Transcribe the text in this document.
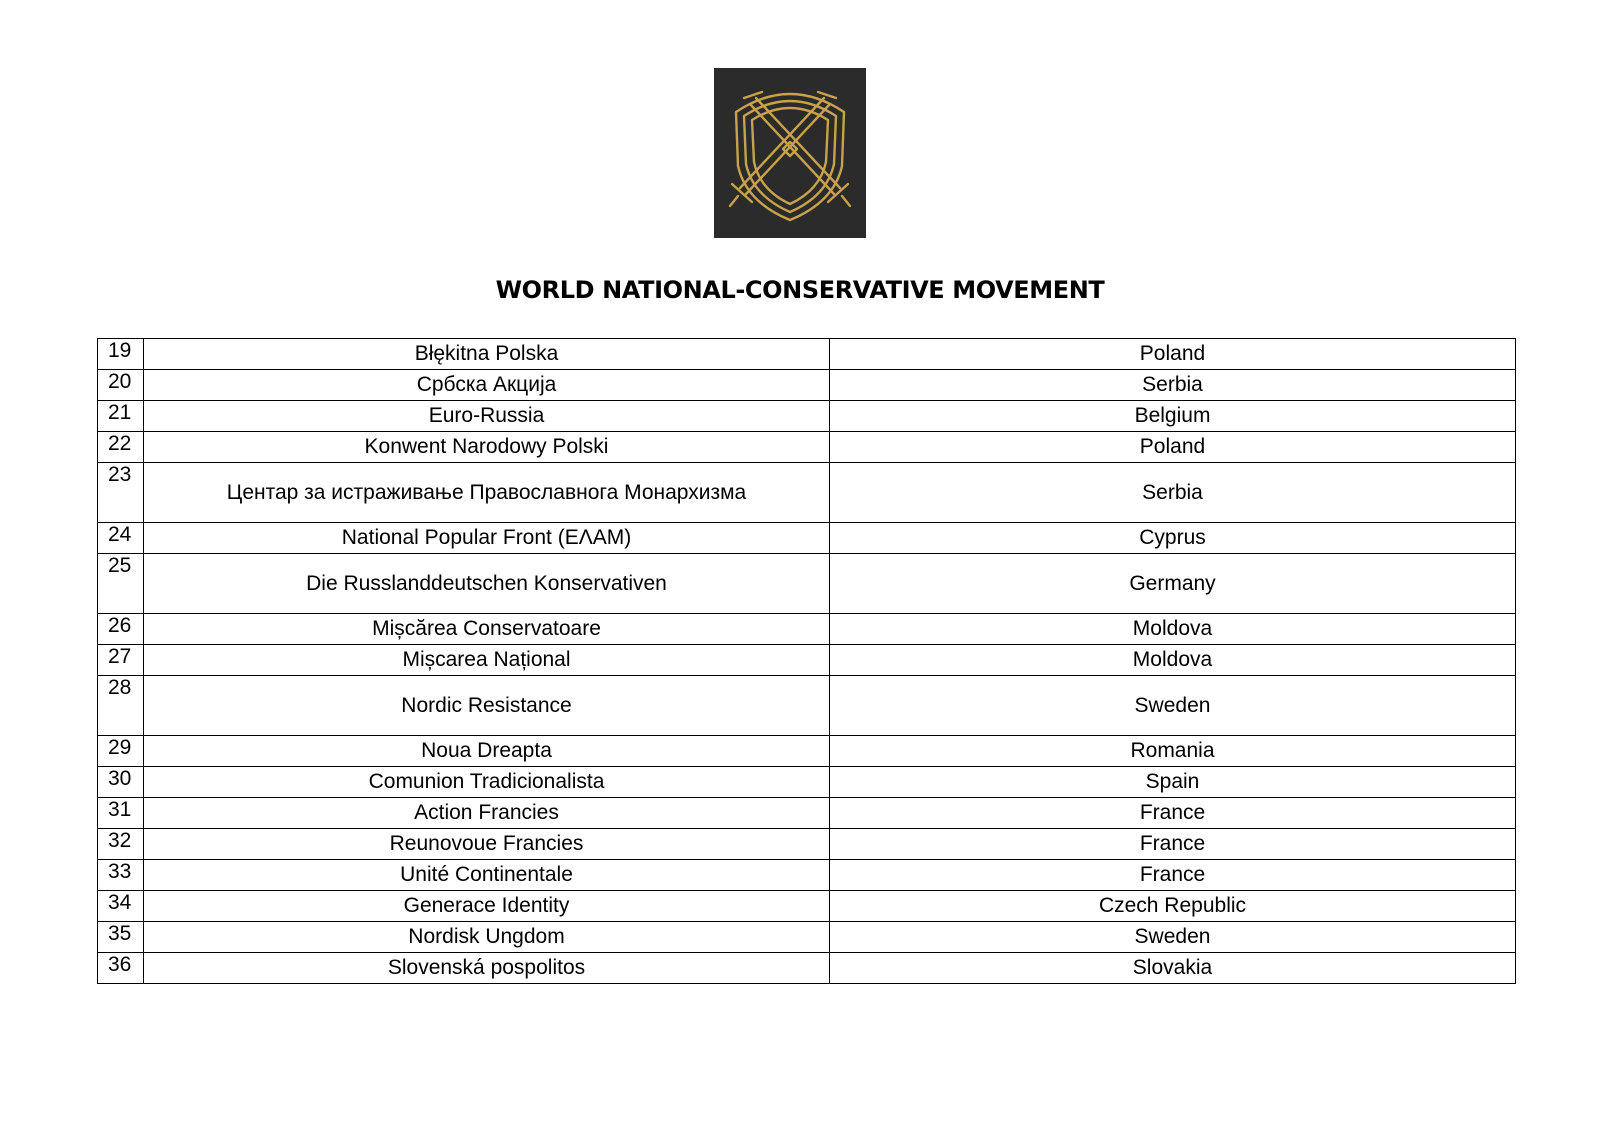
WORLD NATIONAL-CONSERVATIVE MOVEMENT
19	Błękitna Polska	Poland
20	Србска Акција	Serbia
21	Euro-Russia	Belgium
22	Konwent Narodowy Polski	Poland
23	Центар за истраживање Православнога Монархизма	Serbia
24	National Popular Front (ЕΛΑΜ)	Cyprus
25	Die Russlanddeutschen Konservativen	Germany
26	Mișcărea Conservatoare	Moldova
27	Mișcarea Național	Moldova
28	Nordic Resistance	Sweden
29	Noua Dreapta	Romania
30	Comunion Tradicionalista	Spain
31	Action Francies	France
32	Reunovoue Francies	France
33	Unité Continentale	France
34	Generace Identity	Czech Republic
35	Nordisk Ungdom	Sweden
36	Slovenská pospolitos	Slovakia
